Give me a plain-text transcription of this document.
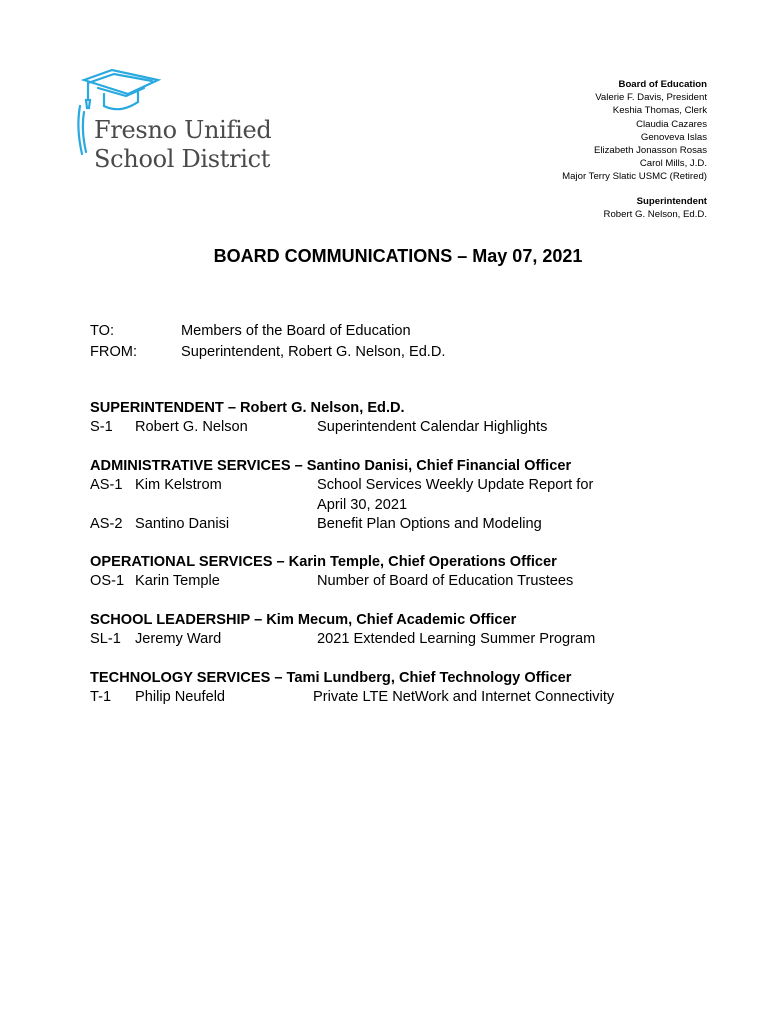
Fresno Unified
School District
Board of Education
Valerie F. Davis, President
Keshia Thomas, Clerk
Claudia Cazares
Genoveva Islas
Elizabeth Jonasson Rosas
Carol Mills, J.D.
Major Terry Slatic USMC (Retired)
Superintendent
Robert G. Nelson, Ed.D.
BOARD COMMUNICATIONS – May 07, 2021
TO:	Members of the Board of Education
FROM:	Superintendent, Robert G. Nelson, Ed.D.
SUPERINTENDENT – Robert G. Nelson, Ed.D.
S-1	Robert G. Nelson	Superintendent Calendar Highlights
ADMINISTRATIVE SERVICES – Santino Danisi, Chief Financial Officer
AS-1 Kim Kelstrom	School Services Weekly Update Report for
April 30, 2021
AS-2 Santino Danisi	Benefit Plan Options and Modeling
OPERATIONAL SERVICES – Karin Temple, Chief Operations Officer
OS-1 Karin Temple	Number of Board of Education Trustees
SCHOOL LEADERSHIP – Kim Mecum, Chief Academic Officer
SL-1 Jeremy Ward	2021 Extended Learning Summer Program
TECHNOLOGY SERVICES – Tami Lundberg, Chief Technology Officer
T-1	Philip Neufeld	Private LTE NetWork and Internet Connectivity
